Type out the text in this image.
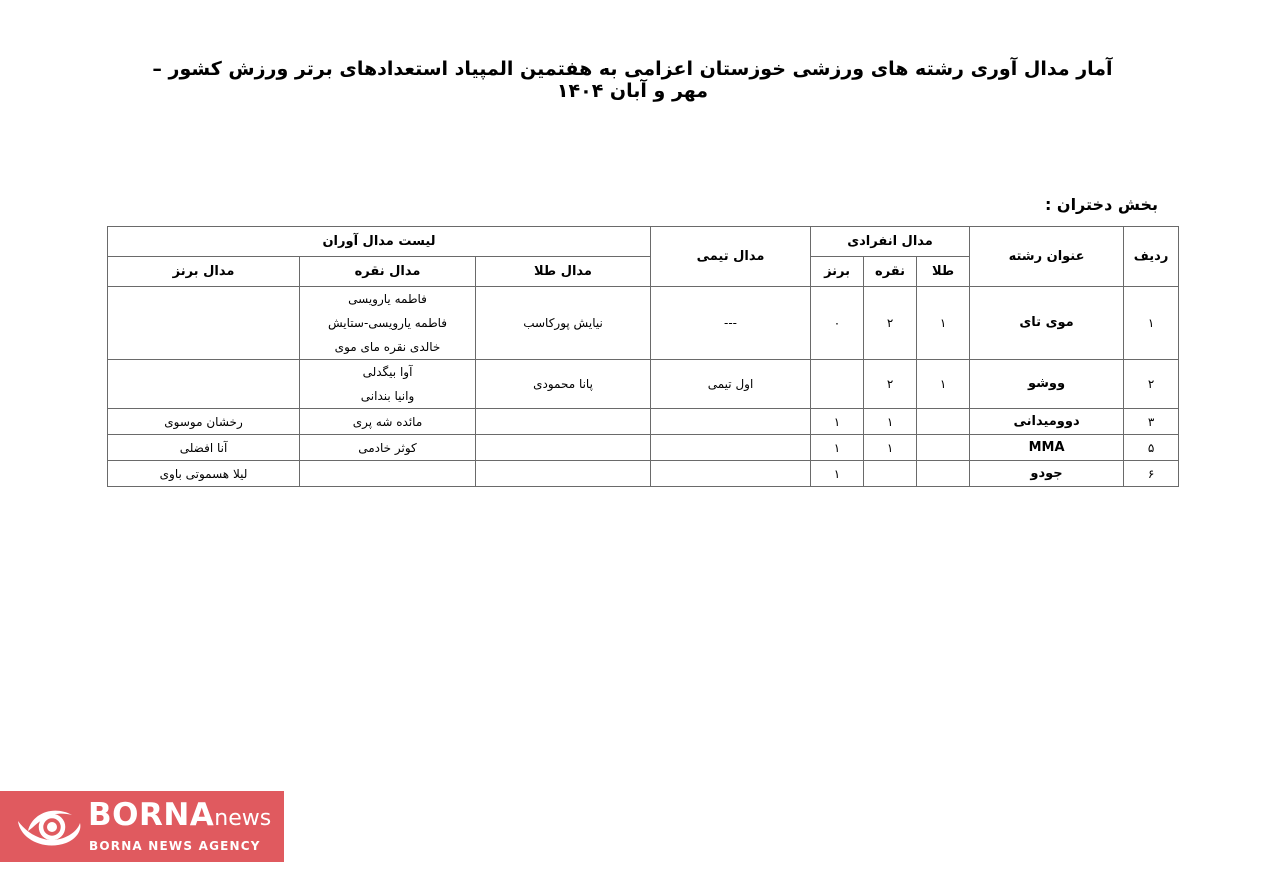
آمار مدال آوری رشته های ورزشی خوزستان اعزامی به هفتمین المپیاد استعدادهای برتر ورزش کشور – مهر و آبان ۱۴۰۴
بخش دختران :
ردیف	عنوان رشته	مدال انفرادی			مدال تیمی	لیست مدال آوران		
		طلا	نقره	برنز		مدال طلا	مدال نقره	مدال برنز
۱	موی تای	۱	۲	۰	---	نیایش پورکاسب	فاطمه یارویسی
فاطمه یارویسی-ستایش
خالدی نقره مای موی	

۲	ووشو	۱	۲		اول تیمی	پانا محمودی	آوا بیگدلی
وانیا بندانی	

۳	دوومیدانی		۱	۱			مائده شه پری	رخشان موسوی

۵	MMA		۱	۱			کوثر خادمی	آنا افضلی

۶	جودو			۱				لیلا هسموتی باوی
BORNAnews
BORNA NEWS AGENCY
